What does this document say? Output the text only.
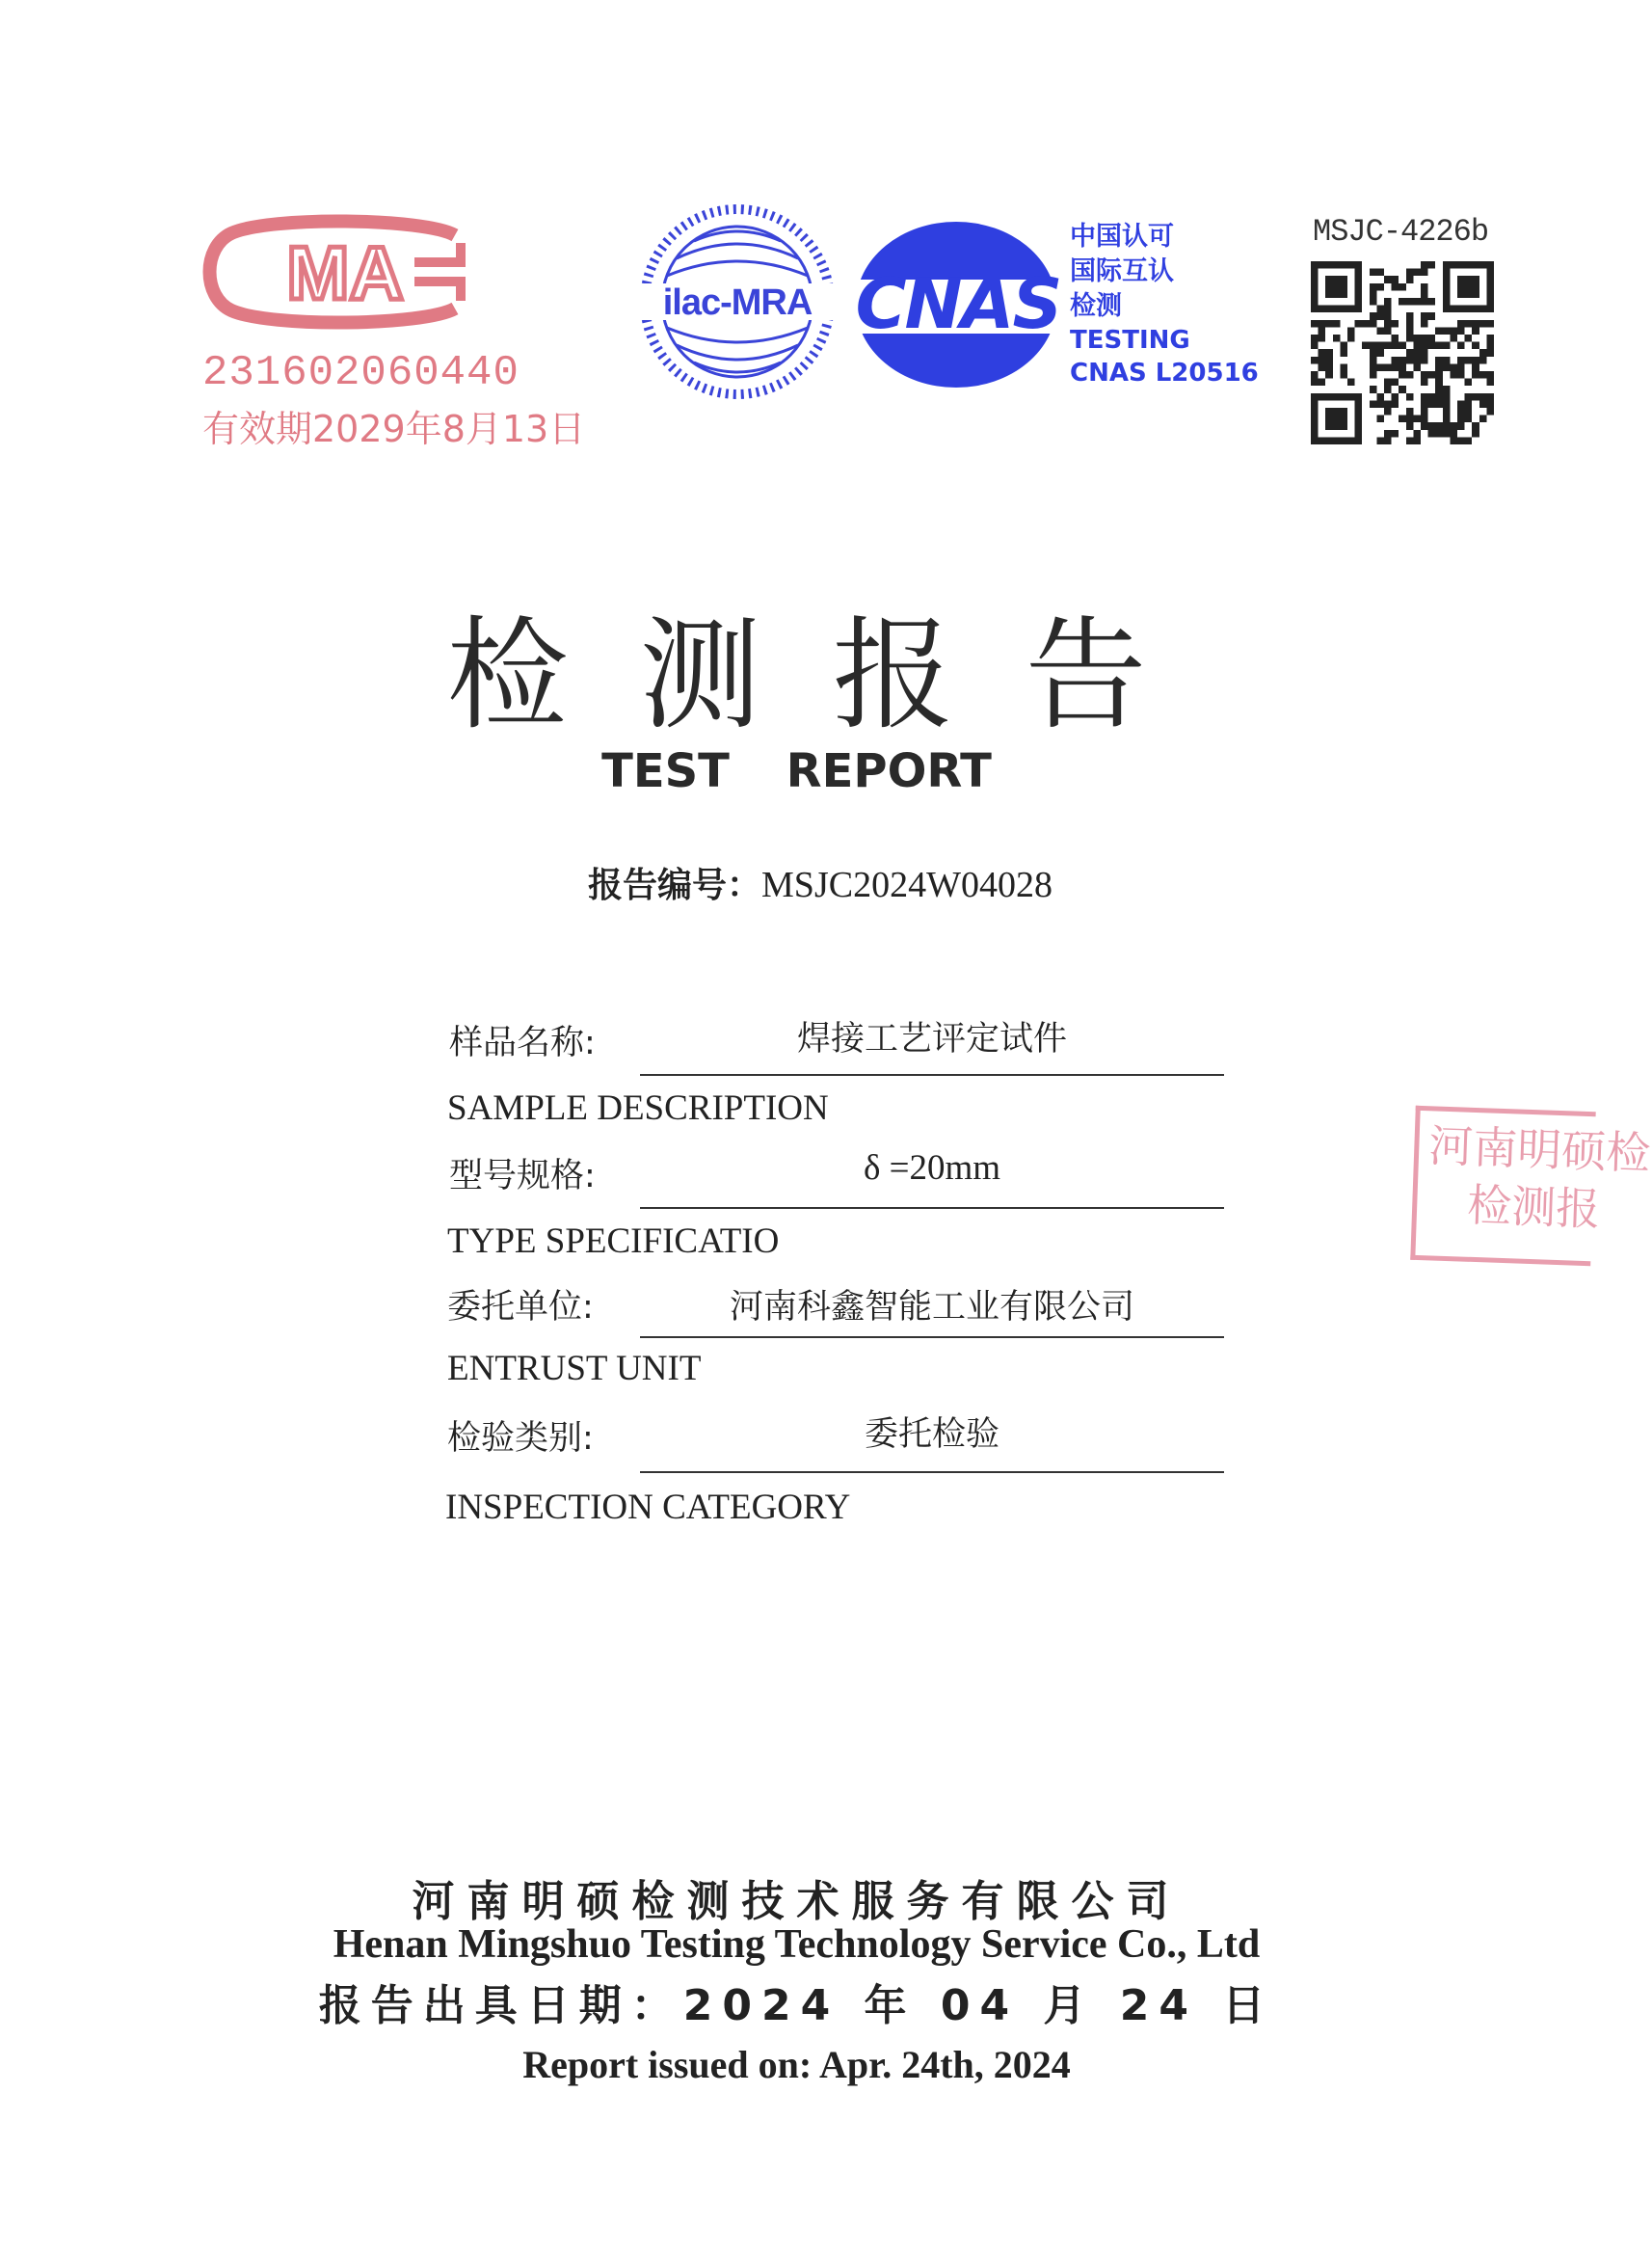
MA
231602060440
有效期2029年8月13日
ilac-MRA CNAS
中国认可
国际互认
检测
TESTING
CNAS L20516
MSJC-4226b
检测报告
TEST REPORT
报告编号：MSJC2024W04028
样品名称:	焊接工艺评定试件
SAMPLE DESCRIPTION
型号规格:	δ =20mm
TYPE SPECIFICATIO
委托单位:	河南科鑫智能工业有限公司
ENTRUST UNIT
检验类别:	委托检验
INSPECTION CATEGORY
河南明硕检
检测报
河南明硕检测技术服务有限公司
Henan Mingshuo Testing Technology Service Co., Ltd
报告出具日期：2024 年 04 月 24 日
Report issued on: Apr. 24th, 2024
